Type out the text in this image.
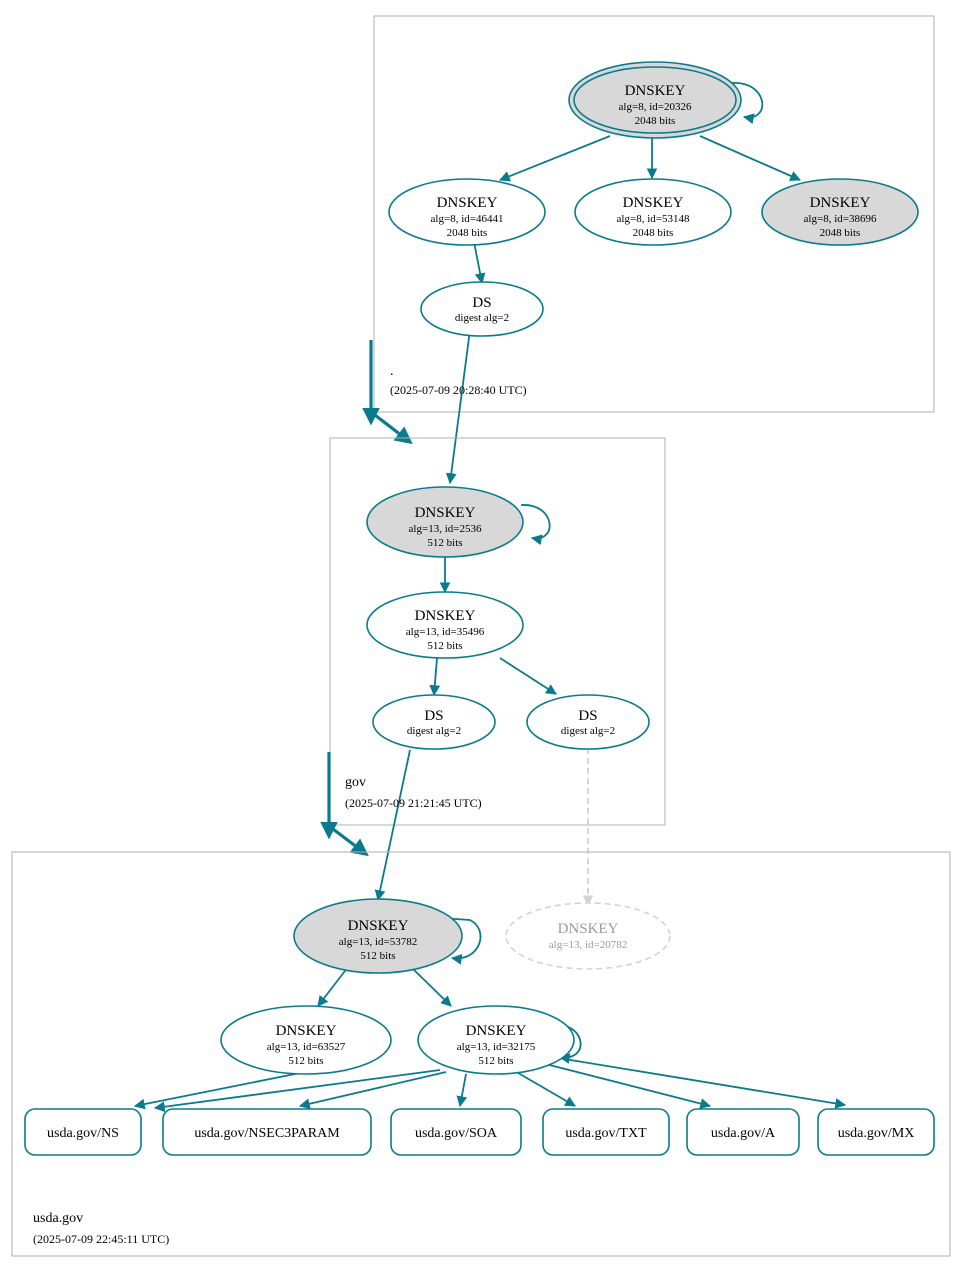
DNSKEY
alg=8, id=20326
2048 bits
DNSKEY
alg=8, id=46441
2048 bits
DNSKEY
alg=8, id=53148
2048 bits
DNSKEY
alg=8, id=38696
2048 bits
DS
digest alg=2
.
(2025-07-09 20:28:40 UTC)
DNSKEY
alg=13, id=2536
512 bits
DNSKEY
alg=13, id=35496
512 bits
DS
digest alg=2
DS
digest alg=2
gov
(2025-07-09 21:21:45 UTC)
DNSKEY
alg=13, id=53782
512 bits
DNSKEY
alg=13, id=20782
DNSKEY
alg=13, id=63527
512 bits
DNSKEY
alg=13, id=32175
512 bits
usda.gov/NS	usda.gov/NSEC3PARAM	usda.gov/SOA	usda.gov/TXT	usda.gov/A	usda.gov/MX
usda.gov
(2025-07-09 22:45:11 UTC)
